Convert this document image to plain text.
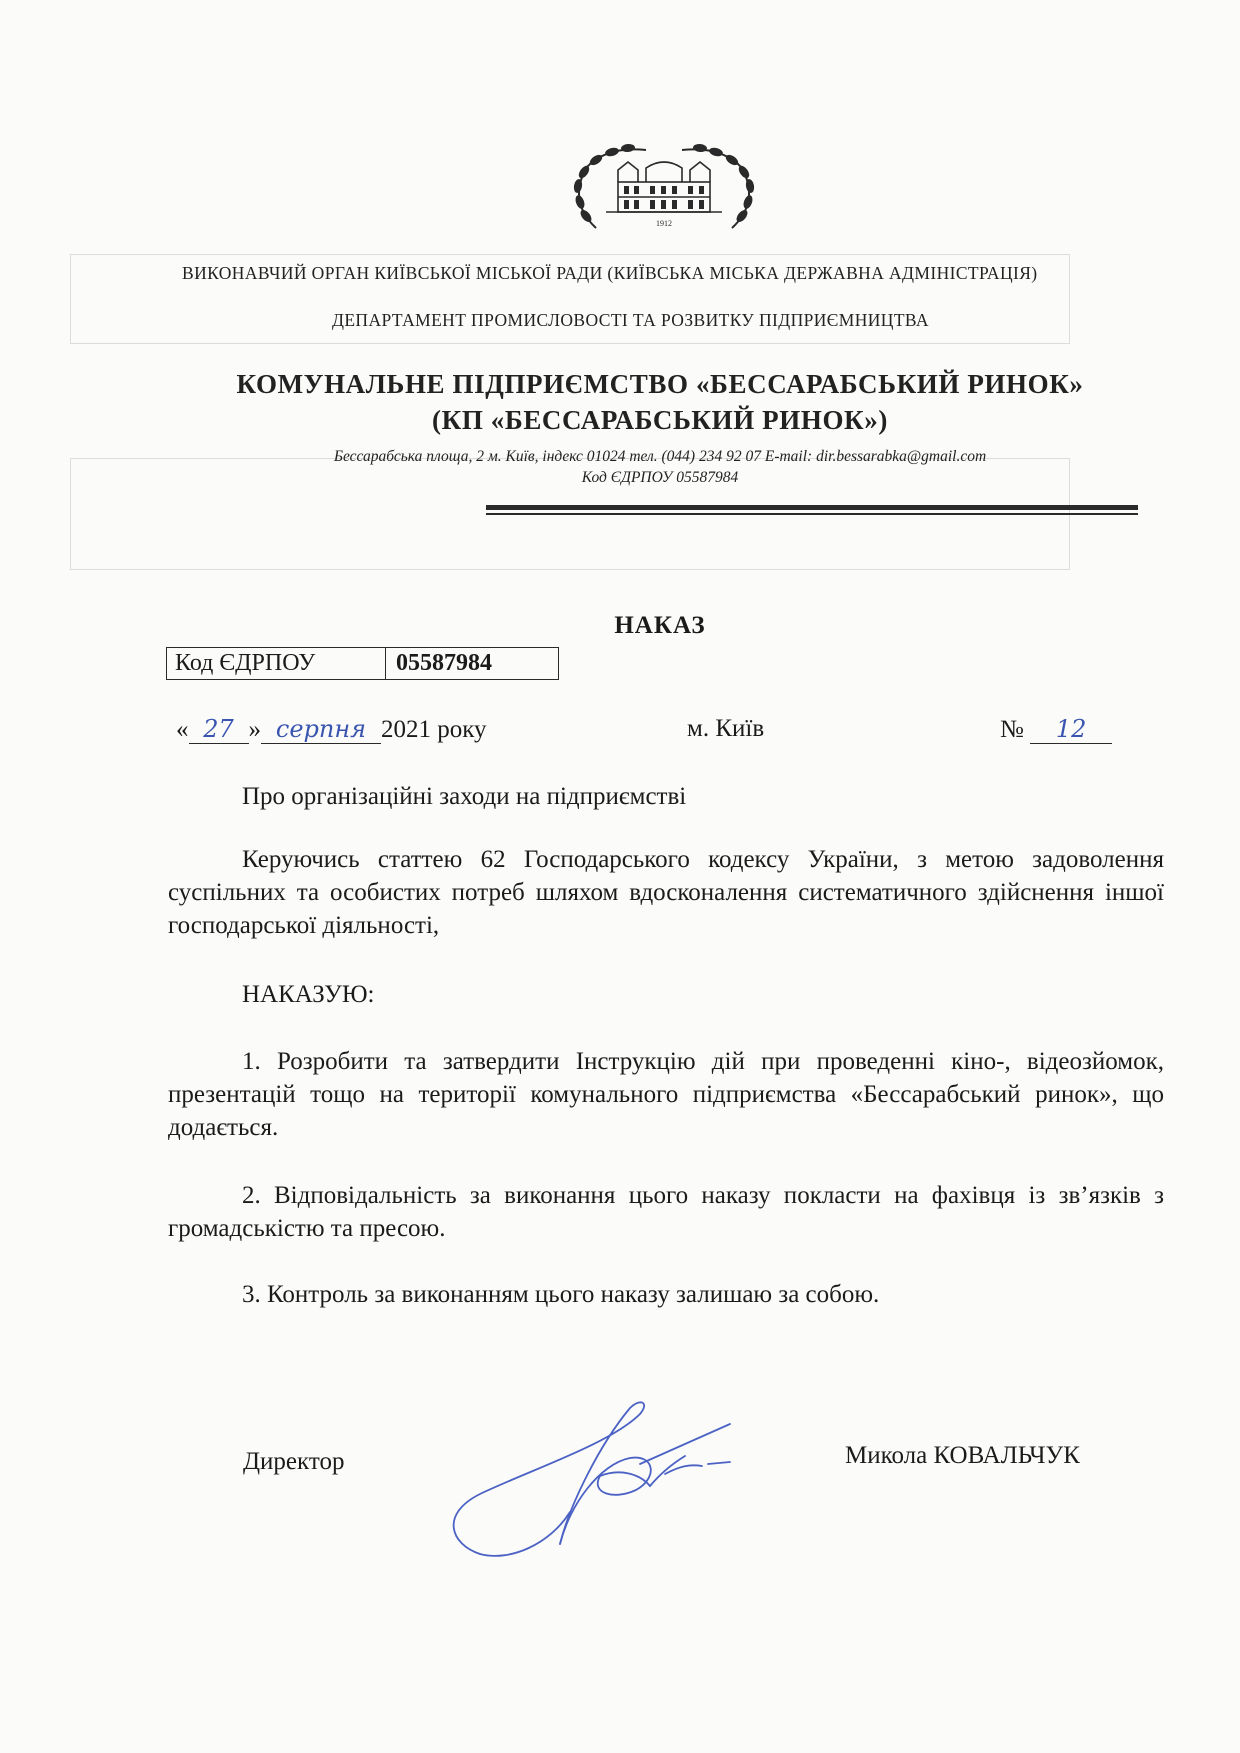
1912
ВИКОНАВЧИЙ ОРГАН КИЇВСЬКОЇ МІСЬКОЇ РАДИ (КИЇВСЬКА МІСЬКА ДЕРЖАВНА АДМІНІСТРАЦІЯ)
ДЕПАРТАМЕНТ ПРОМИСЛОВОСТІ ТА РОЗВИТКУ ПІДПРИЄМНИЦТВА
КОМУНАЛЬНЕ ПІДПРИЄМСТВО «БЕССАРАБСЬКИЙ РИНОК»
(КП «БЕССАРАБСЬКИЙ РИНОК»)
Бессарабська площа, 2 м. Київ, індекс 01024 тел. (044) 234 92 07 E-mail: dir.bessarabka@gmail.com
Код ЄДРПОУ 05587984
НАКАЗ
Код ЄДРПОУ	05587984
« 27 » серпня 2021 року	м. Київ	№ 12
Про організаційні заходи на підприємстві
Керуючись статтею 62 Господарського кодексу України, з метою задоволення суспільних та особистих потреб шляхом вдосконалення систематичного здійснення іншої господарської діяльності,
НАКАЗУЮ:
1. Розробити та затвердити Інструкцію дій при проведенні кіно-, відеозйомок, презентацій тощо на території комунального підприємства «Бессарабський ринок», що додається.
2. Відповідальність за виконання цього наказу покласти на фахівця із зв’язків з громадськістю та пресою.
3. Контроль за виконанням цього наказу залишаю за собою.
Директор	Микола КОВАЛЬЧУК
